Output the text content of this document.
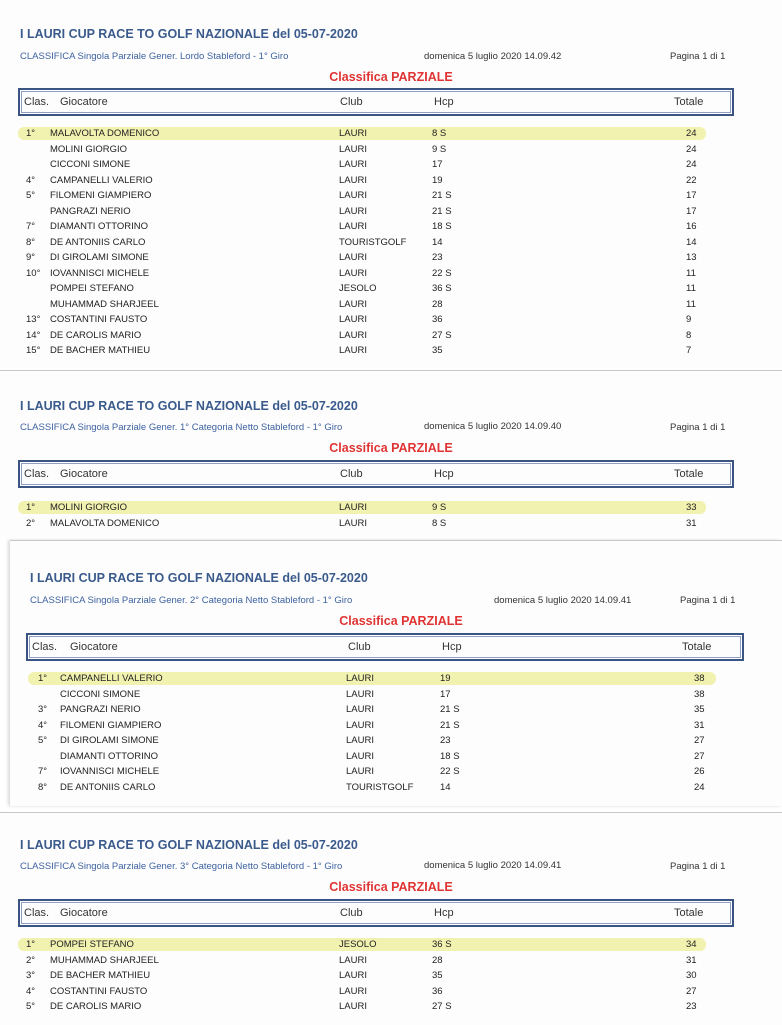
I LAURI CUP RACE TO GOLF NAZIONALE del 05-07-2020
CLASSIFICA Singola Parziale Gener. Lordo Stableford - 1° Giro	domenica 5 luglio 2020 14.09.42	Pagina 1 di 1
Classifica PARZIALE
Clas. Giocatore	Club	Hcp	Totale
1° MALAVOLTA DOMENICO	LAURI	8 S	24
MOLINI GIORGIO	LAURI	9 S	24
CICCONI SIMONE	LAURI	17	24
4° CAMPANELLI VALERIO	LAURI	19	22
5° FILOMENI GIAMPIERO	LAURI	21 S	17
PANGRAZI NERIO	LAURI	21 S	17
7° DIAMANTI OTTORINO	LAURI	18 S	16
8° DE ANTONIIS CARLO	TOURISTGOLF	14	14
9° DI GIROLAMI SIMONE	LAURI	23	13
10° IOVANNISCI MICHELE	LAURI	22 S	11
POMPEI STEFANO	JESOLO	36 S	11
MUHAMMAD SHARJEEL	LAURI	28	11
13° COSTANTINI FAUSTO	LAURI	36	9
14° DE CAROLIS MARIO	LAURI	27 S	8
15° DE BACHER MATHIEU	LAURI	35	7
I LAURI CUP RACE TO GOLF NAZIONALE del 05-07-2020
CLASSIFICA Singola Parziale Gener. 1° Categoria Netto Stableford - 1° Giro	domenica 5 luglio 2020 14.09.40	Pagina 1 di 1
Classifica PARZIALE
Clas. Giocatore	Club	Hcp	Totale
1° MOLINI GIORGIO	LAURI	9 S	33
2° MALAVOLTA DOMENICO	LAURI	8 S	31
I LAURI CUP RACE TO GOLF NAZIONALE del 05-07-2020
CLASSIFICA Singola Parziale Gener. 2° Categoria Netto Stableford - 1° Giro	domenica 5 luglio 2020 14.09.41	Pagina 1 di 1
Classifica PARZIALE
Clas. Giocatore	Club	Hcp	Totale
1° CAMPANELLI VALERIO	LAURI	19	38
CICCONI SIMONE	LAURI	17	38
3° PANGRAZI NERIO	LAURI	21 S	35
4° FILOMENI GIAMPIERO	LAURI	21 S	31
5° DI GIROLAMI SIMONE	LAURI	23	27
DIAMANTI OTTORINO	LAURI	18 S	27
7° IOVANNISCI MICHELE	LAURI	22 S	26
8° DE ANTONIIS CARLO	TOURISTGOLF	14	24
I LAURI CUP RACE TO GOLF NAZIONALE del 05-07-2020
CLASSIFICA Singola Parziale Gener. 3° Categoria Netto Stableford - 1° Giro	domenica 5 luglio 2020 14.09.41	Pagina 1 di 1
Classifica PARZIALE
Clas. Giocatore	Club	Hcp	Totale
1° POMPEI STEFANO	JESOLO	36 S	34
2° MUHAMMAD SHARJEEL	LAURI	28	31
3° DE BACHER MATHIEU	LAURI	35	30
4° COSTANTINI FAUSTO	LAURI	36	27
5° DE CAROLIS MARIO	LAURI	27 S	23
